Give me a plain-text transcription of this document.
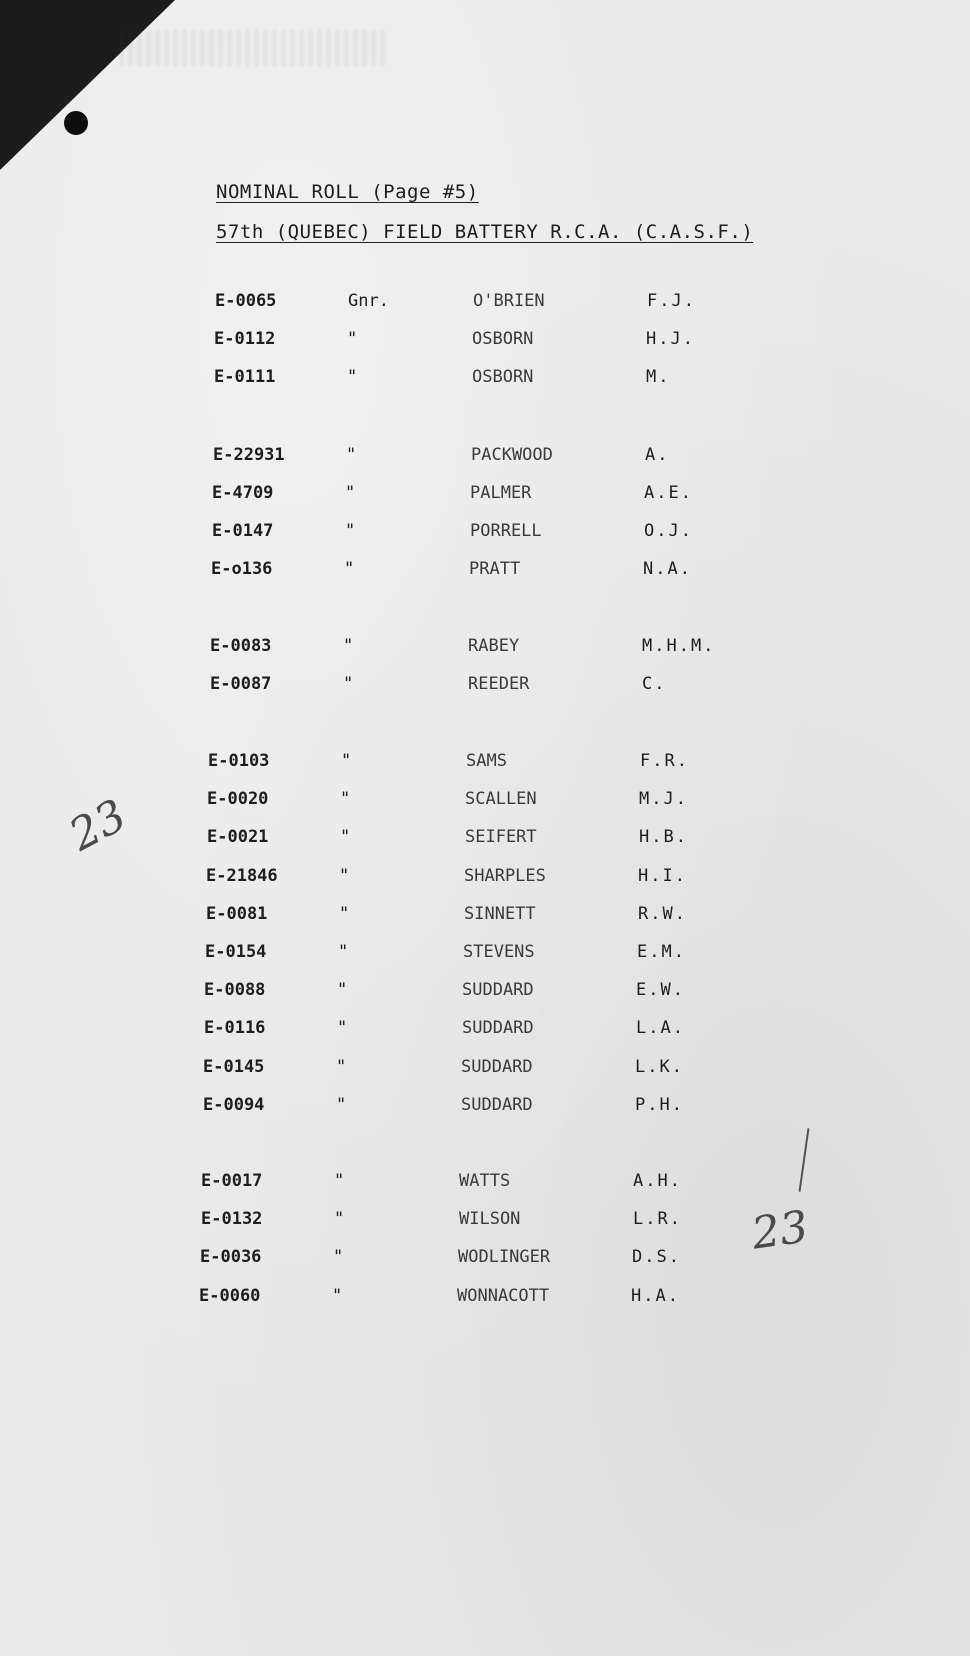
NOMINAL ROLL (Page #5)
57th (QUEBEC) FIELD BATTERY R.C.A. (C.A.S.F.)
E-0065	Gnr.	O'BRIEN	F.J.
E-0112	"	OSBORN	H.J.
E-0111	"	OSBORN	M.
E-22931	"	PACKWOOD	A.
E-4709	"	PALMER	A.E.
E-0147	"	PORRELL	O.J.
E-o136	"	PRATT	N.A.
E-0083	"	RABEY	M.H.M.
E-0087	"	REEDER	C.
E-0103	"	SAMS	F.R.
E-0020	"	SCALLEN	M.J.
E-0021	"	SEIFERT	H.B.
E-21846	"	SHARPLES	H.I.
E-0081	"	SINNETT	R.W.
E-0154	"	STEVENS	E.M.
E-0088	"	SUDDARD	E.W.
E-0116	"	SUDDARD	L.A.
E-0145	"	SUDDARD	L.K.
E-0094	"	SUDDARD	P.H.
E-0017	"	WATTS	A.H.
E-0132	"	WILSON	L.R.
E-0036	"	WODLINGER	D.S.
E-0060	"	WONNACOTT	H.A.
23
23
